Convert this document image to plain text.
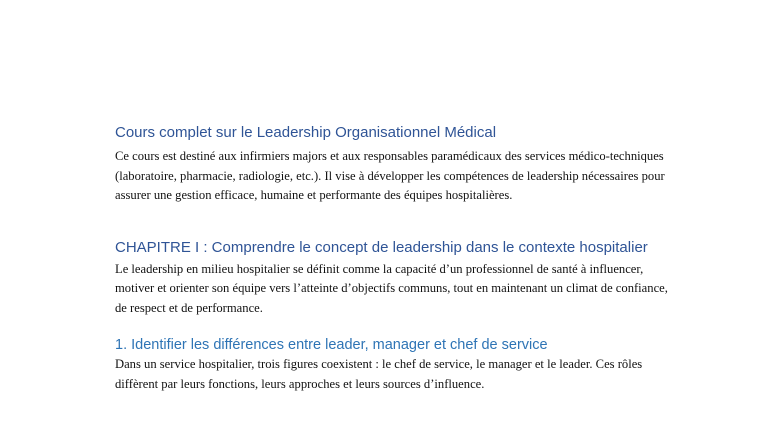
Cours complet sur le Leadership Organisationnel Médical

Ce cours est destiné aux infirmiers majors et aux responsables paramédicaux des services médico-techniques (laboratoire, pharmacie, radiologie, etc.). Il vise à développer les compétences de leadership nécessaires pour assurer une gestion efficace, humaine et performante des équipes hospitalières.

CHAPITRE I : Comprendre le concept de leadership dans le contexte hospitalier

Le leadership en milieu hospitalier se définit comme la capacité d’un professionnel de santé à influencer, motiver et orienter son équipe vers l’atteinte d’objectifs communs, tout en maintenant un climat de confiance, de respect et de performance.

1. Identifier les différences entre leader, manager et chef de service

Dans un service hospitalier, trois figures coexistent : le chef de service, le manager et le leader. Ces rôles diffèrent par leurs fonctions, leurs approches et leurs sources d’influence.
